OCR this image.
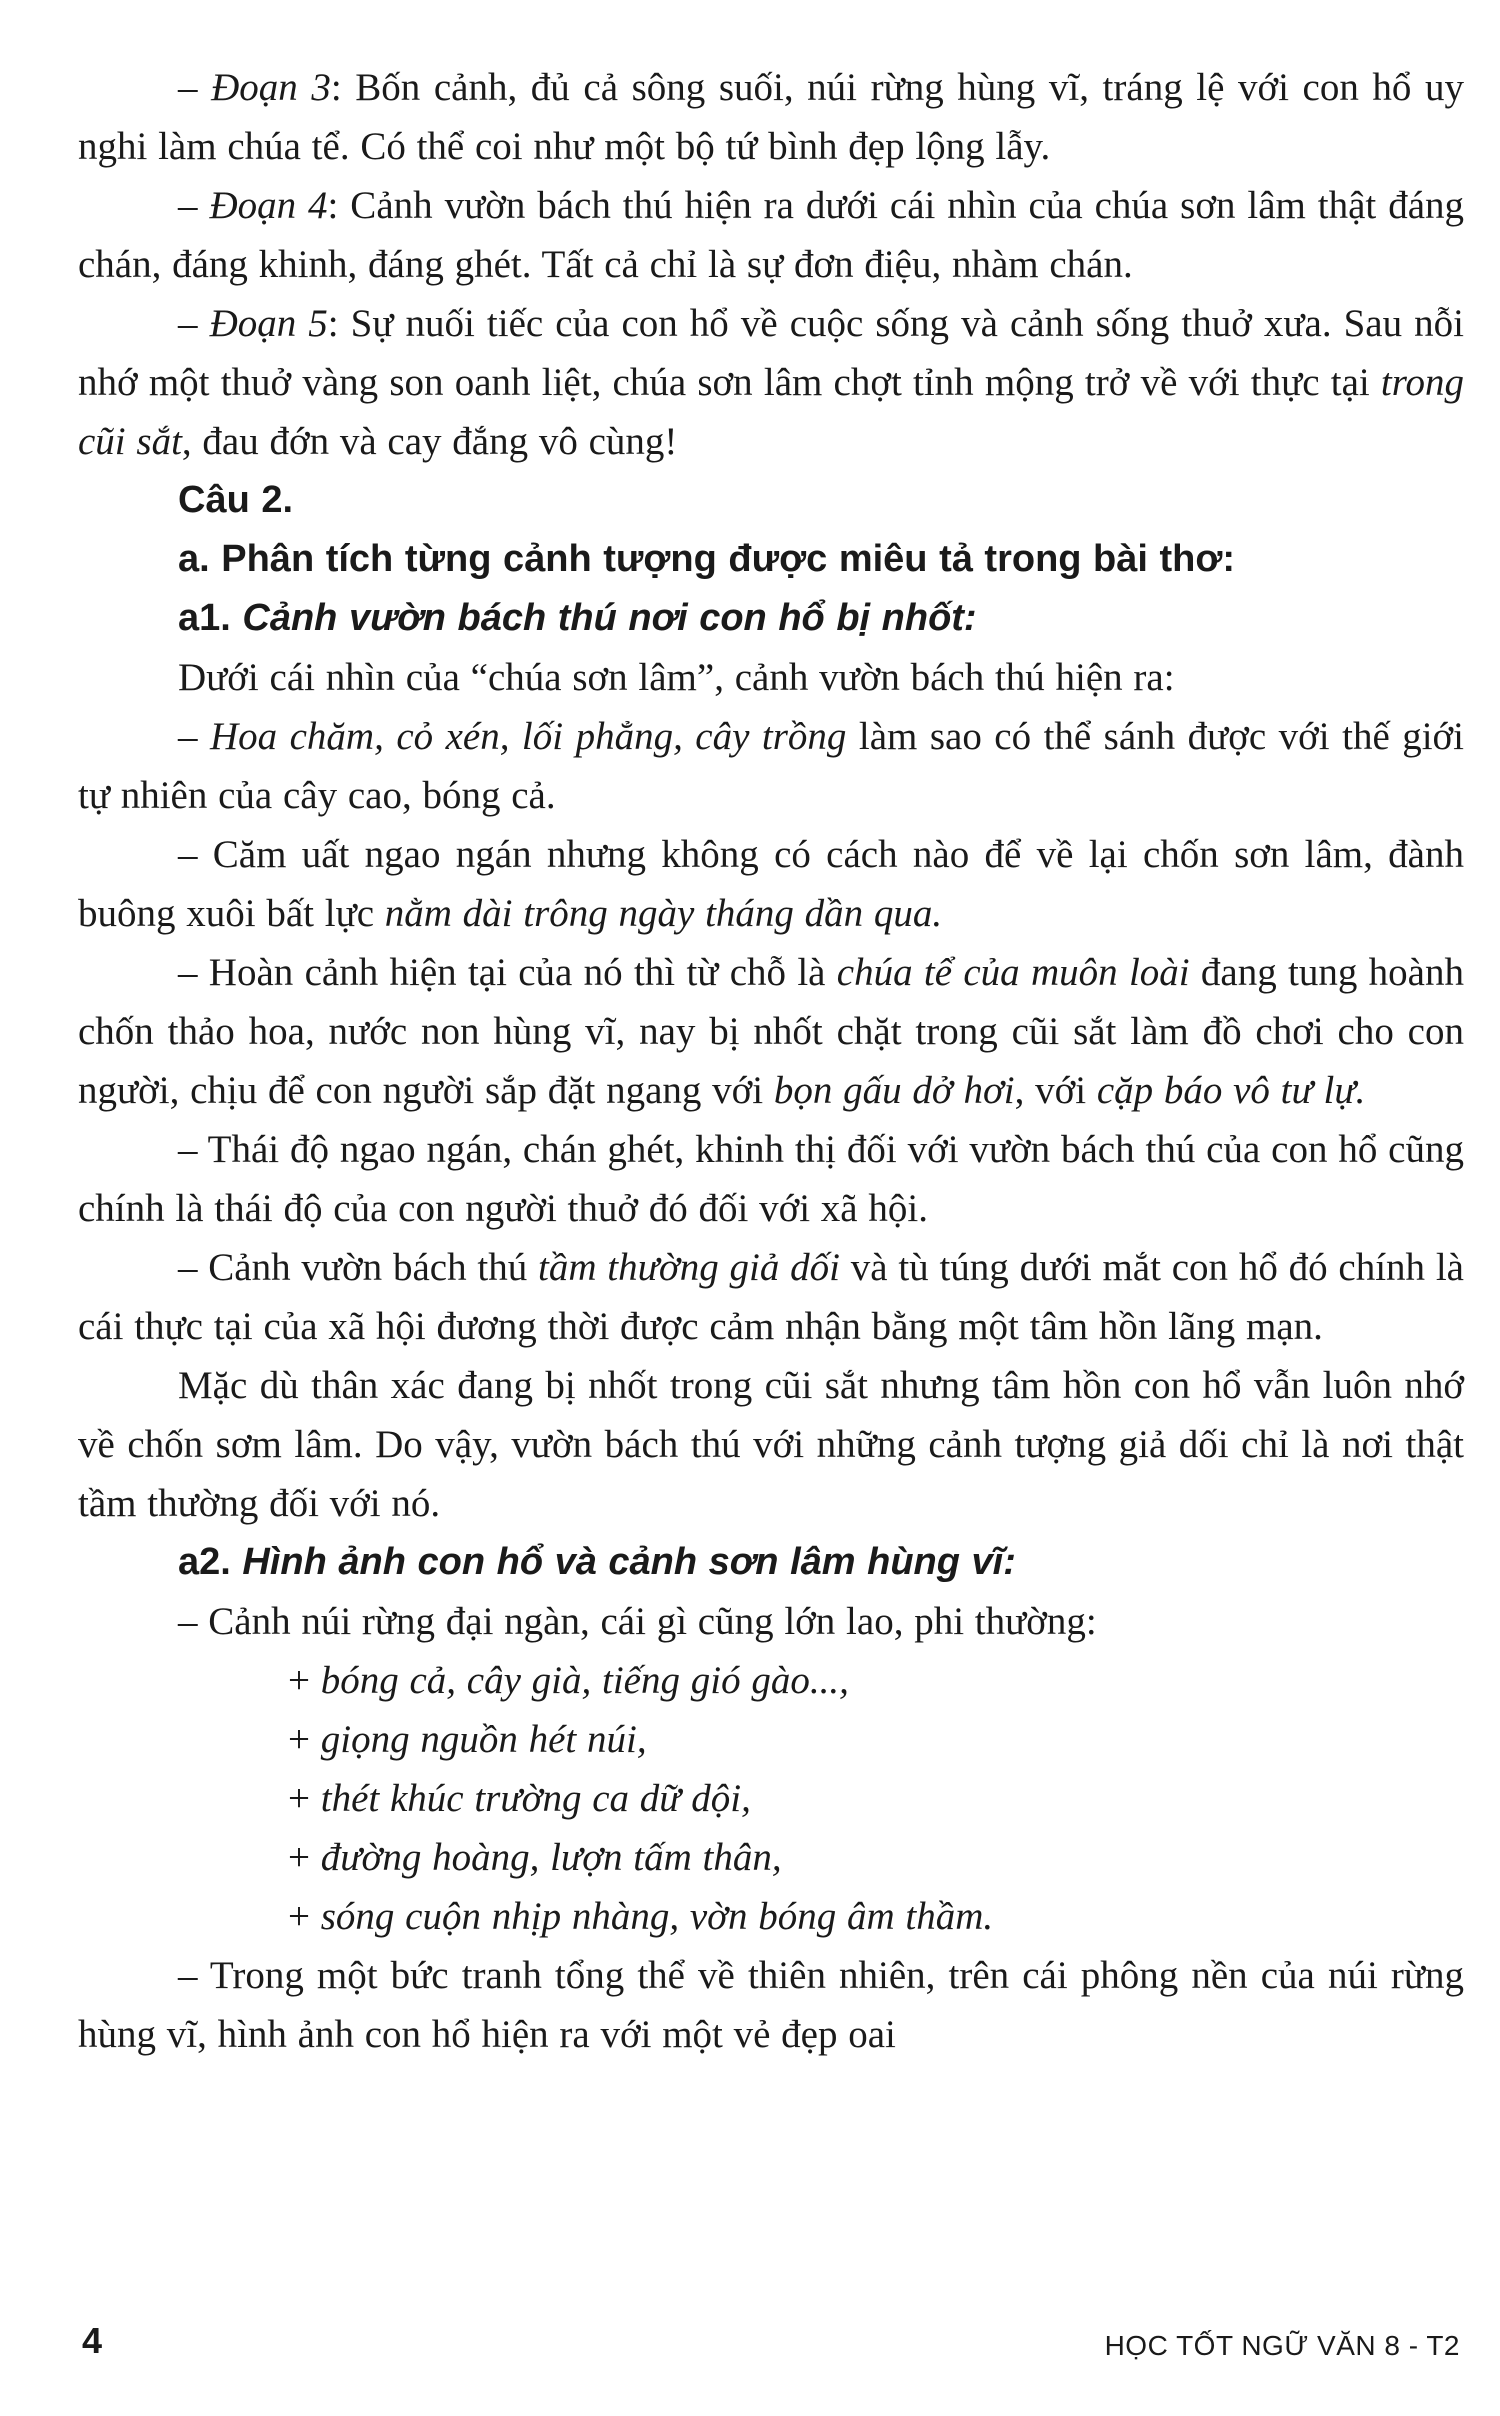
– Đoạn 3: Bốn cảnh, đủ cả sông suối, núi rừng hùng vĩ, tráng lệ với con hổ uy nghi làm chúa tể. Có thể coi như một bộ tứ bình đẹp lộng lẫy.

– Đoạn 4: Cảnh vườn bách thú hiện ra dưới cái nhìn của chúa sơn lâm thật đáng chán, đáng khinh, đáng ghét. Tất cả chỉ là sự đơn điệu, nhàm chán.

– Đoạn 5: Sự nuối tiếc của con hổ về cuộc sống và cảnh sống thuở xưa. Sau nỗi nhớ một thuở vàng son oanh liệt, chúa sơn lâm chợt tỉnh mộng trở về với thực tại trong cũi sắt, đau đớn và cay đắng vô cùng!

Câu 2.

a. Phân tích từng cảnh tượng được miêu tả trong bài thơ:

a1. Cảnh vườn bách thú nơi con hổ bị nhốt:

Dưới cái nhìn của “chúa sơn lâm”, cảnh vườn bách thú hiện ra:

– Hoa chăm, cỏ xén, lối phẳng, cây trồng làm sao có thể sánh được với thế giới tự nhiên của cây cao, bóng cả.

– Căm uất ngao ngán nhưng không có cách nào để về lại chốn sơn lâm, đành buông xuôi bất lực nằm dài trông ngày tháng dần qua.

– Hoàn cảnh hiện tại của nó thì từ chỗ là chúa tể của muôn loài đang tung hoành chốn thảo hoa, nước non hùng vĩ, nay bị nhốt chặt trong cũi sắt làm đồ chơi cho con người, chịu để con người sắp đặt ngang với bọn gấu dở hơi, với cặp báo vô tư lự.

– Thái độ ngao ngán, chán ghét, khinh thị đối với vườn bách thú của con hổ cũng chính là thái độ của con người thuở đó đối với xã hội.

– Cảnh vườn bách thú tầm thường giả dối và tù túng dưới mắt con hổ đó chính là cái thực tại của xã hội đương thời được cảm nhận bằng một tâm hồn lãng mạn.

Mặc dù thân xác đang bị nhốt trong cũi sắt nhưng tâm hồn con hổ vẫn luôn nhớ về chốn sơm lâm. Do vậy, vườn bách thú với những cảnh tượng giả dối chỉ là nơi thật tầm thường đối với nó.

a2. Hình ảnh con hổ và cảnh sơn lâm hùng vĩ:

– Cảnh núi rừng đại ngàn, cái gì cũng lớn lao, phi thường:

+ bóng cả, cây già, tiếng gió gào...,

+ giọng nguồn hét núi,

+ thét khúc trường ca dữ dội,

+ đường hoàng, lượn tấm thân,

+ sóng cuộn nhịp nhàng, vờn bóng âm thầm.

– Trong một bức tranh tổng thể về thiên nhiên, trên cái phông nền của núi rừng hùng vĩ, hình ảnh con hổ hiện ra với một vẻ đẹp oai

4	HỌC TỐT NGỮ VĂN 8 - T2
